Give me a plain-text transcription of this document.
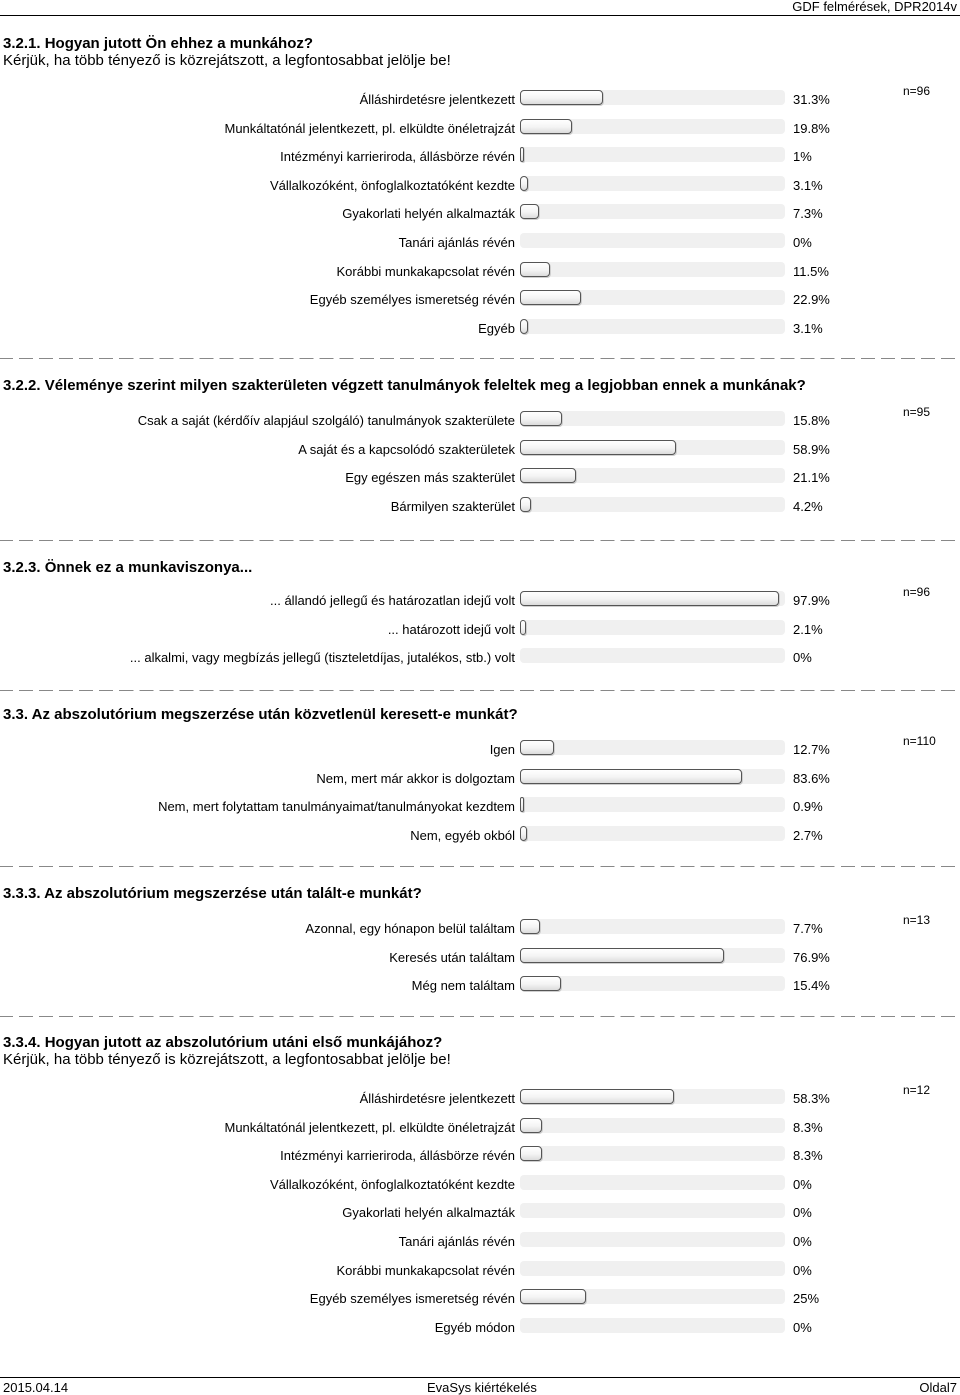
GDF felmérések, DPR2014v
3.2.1. Hogyan jutott Ön ehhez a munkához?
Kérjük, ha több tényező is közrejátszott, a legfontosabbat jelölje be!
n=96
Álláshirdetésre jelentkezett	31.3%
Munkáltatónál jelentkezett, pl. elküldte önéletrajzát	19.8%
Intézményi karrieriroda, állásbörze révén	1%
Vállalkozóként, önfoglalkoztatóként kezdte	3.1%
Gyakorlati helyén alkalmazták	7.3%
Tanári ajánlás révén	0%
Korábbi munkakapcsolat révén	11.5%
Egyéb személyes ismeretség révén	22.9%
Egyéb	3.1%
3.2.2. Véleménye szerint milyen szakterületen végzett tanulmányok feleltek meg a legjobban ennek a munkának?
n=95
Csak a saját (kérdőív alapjául szolgáló) tanulmányok szakterülete	15.8%
A saját és a kapcsolódó szakterületek	58.9%
Egy egészen más szakterület	21.1%
Bármilyen szakterület	4.2%
3.2.3. Önnek ez a munkaviszonya...
n=96
... állandó jellegű és határozatlan idejű volt	97.9%
... határozott idejű volt	2.1%
... alkalmi, vagy megbízás jellegű (tiszteletdíjas, jutalékos, stb.) volt	0%
3.3. Az abszolutórium megszerzése után közvetlenül keresett-e munkát?
n=110
Igen	12.7%
Nem, mert már akkor is dolgoztam	83.6%
Nem, mert folytattam tanulmányaimat/tanulmányokat kezdtem	0.9%
Nem, egyéb okból	2.7%
3.3.3. Az abszolutórium megszerzése után talált-e munkát?
n=13
Azonnal, egy hónapon belül találtam	7.7%
Keresés után találtam	76.9%
Még nem találtam	15.4%
3.3.4. Hogyan jutott az abszolutórium utáni első munkájához?
Kérjük, ha több tényező is közrejátszott, a legfontosabbat jelölje be!
n=12
Álláshirdetésre jelentkezett	58.3%
Munkáltatónál jelentkezett, pl. elküldte önéletrajzát	8.3%
Intézményi karrieriroda, állásbörze révén	8.3%
Vállalkozóként, önfoglalkoztatóként kezdte	0%
Gyakorlati helyén alkalmazták	0%
Tanári ajánlás révén	0%
Korábbi munkakapcsolat révén	0%
Egyéb személyes ismeretség révén	25%
Egyéb módon	0%
2015.04.14	EvaSys kiértékelés	Oldal7
